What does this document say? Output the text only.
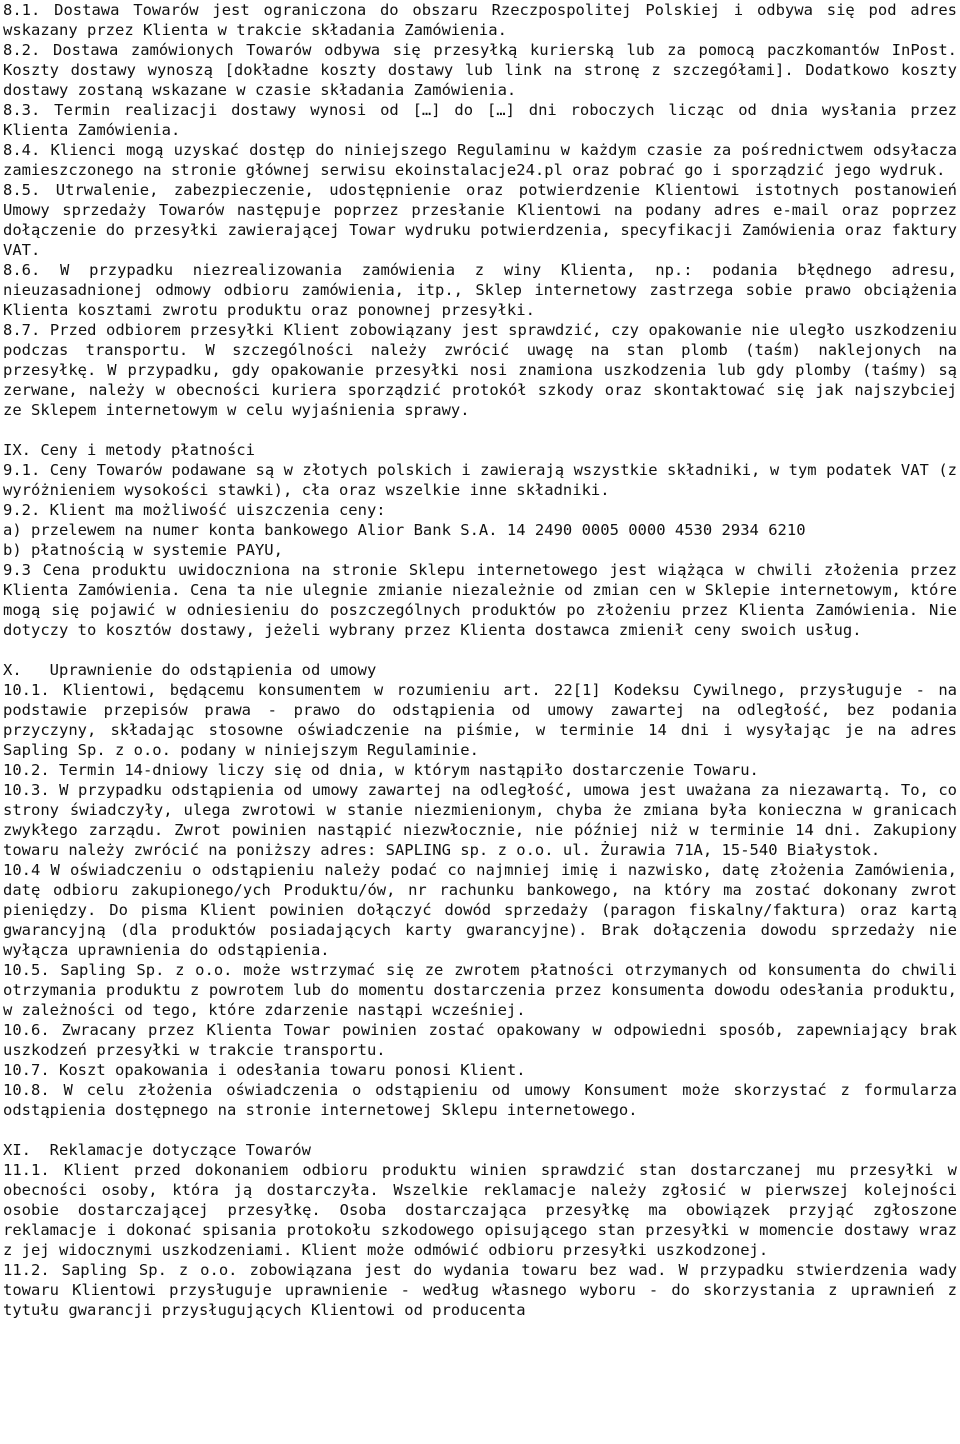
8.1. Dostawa Towarów jest ograniczona do obszaru Rzeczpospolitej Polskiej i odbywa się pod adres wskazany przez Klienta w trakcie składania Zamówienia.

8.2. Dostawa zamówionych Towarów odbywa się przesyłką kurierską lub za pomocą paczkomantów InPost. Koszty dostawy wynoszą [dokładne koszty dostawy lub link na stronę z szczegółami]. Dodatkowo koszty dostawy zostaną wskazane w czasie składania Zamówienia.

8.3. Termin realizacji dostawy wynosi od […] do […] dni roboczych licząc od dnia wysłania przez Klienta Zamówienia.

8.4. Klienci mogą uzyskać dostęp do niniejszego Regulaminu w każdym czasie za pośrednictwem odsyłacza zamieszczonego na stronie głównej serwisu ekoinstalacje24.pl oraz pobrać go i sporządzić jego wydruk.

8.5. Utrwalenie, zabezpieczenie, udostępnienie oraz potwierdzenie Klientowi istotnych postanowień Umowy sprzedaży Towarów następuje poprzez przesłanie Klientowi na podany adres e-mail oraz poprzez dołączenie do przesyłki zawierającej Towar wydruku potwierdzenia, specyfikacji Zamówienia oraz faktury VAT.

8.6. W przypadku niezrealizowania zamówienia z winy Klienta, np.: podania błędnego adresu, nieuzasadnionej odmowy odbioru zamówienia, itp., Sklep internetowy zastrzega sobie prawo obciążenia Klienta kosztami zwrotu produktu oraz ponownej przesyłki.

8.7. Przed odbiorem przesyłki Klient zobowiązany jest sprawdzić, czy opakowanie nie uległo uszkodzeniu podczas transportu. W szczególności należy zwrócić uwagę na stan plomb (taśm) naklejonych na przesyłkę. W przypadku, gdy opakowanie przesyłki nosi znamiona uszkodzenia lub gdy plomby (taśmy) są zerwane, należy w obecności kuriera sporządzić protokół szkody oraz skontaktować się jak najszybciej ze Sklepem internetowym w celu wyjaśnienia sprawy.

IX. Ceny i metody płatności

9.1. Ceny Towarów podawane są w złotych polskich i zawierają wszystkie składniki, w tym podatek VAT (z wyróżnieniem wysokości stawki), cła oraz wszelkie inne składniki.

9.2. Klient ma możliwość uiszczenia ceny:

a) przelewem na numer konta bankowego Alior Bank S.A. 14 2490 0005 0000 4530 2934 6210

b) płatnością w systemie PAYU,

9.3 Cena produktu uwidoczniona na stronie Sklepu internetowego jest wiążąca w chwili złożenia przez Klienta Zamówienia. Cena ta nie ulegnie zmianie niezależnie od zmian cen w Sklepie internetowym, które mogą się pojawić w odniesieniu do poszczególnych produktów po złożeniu przez Klienta Zamówienia. Nie dotyczy to kosztów dostawy, jeżeli wybrany przez Klienta dostawca zmienił ceny swoich usług.

X.   Uprawnienie do odstąpienia od umowy

10.1. Klientowi, będącemu konsumentem w rozumieniu art. 22[1] Kodeksu Cywilnego, przysługuje - na podstawie przepisów prawa - prawo do odstąpienia od umowy zawartej na odległość, bez podania przyczyny, składając stosowne oświadczenie na piśmie, w terminie 14 dni i wysyłając je na adres Sapling Sp. z o.o. podany w niniejszym Regulaminie.

10.2. Termin 14-dniowy liczy się od dnia, w którym nastąpiło dostarczenie Towaru.

10.3. W przypadku odstąpienia od umowy zawartej na odległość, umowa jest uważana za niezawartą. To, co strony świadczyły, ulega zwrotowi w stanie niezmienionym, chyba że zmiana była konieczna w granicach zwykłego zarządu. Zwrot powinien nastąpić niezwłocznie, nie później niż w terminie 14 dni. Zakupiony towaru należy zwrócić na poniższy adres: SAPLING sp. z o.o. ul. Żurawia 71A, 15-540 Białystok.

10.4 W oświadczeniu o odstąpieniu należy podać co najmniej imię i nazwisko, datę złożenia Zamówienia, datę odbioru zakupionego/ych Produktu/ów, nr rachunku bankowego, na który ma zostać dokonany zwrot pieniędzy. Do pisma Klient powinien dołączyć dowód sprzedaży (paragon fiskalny/faktura) oraz kartą gwarancyjną (dla produktów posiadających karty gwarancyjne). Brak dołączenia dowodu sprzedaży nie wyłącza uprawnienia do odstąpienia.

10.5. Sapling Sp. z o.o. może wstrzymać się ze zwrotem płatności otrzymanych od konsumenta do chwili otrzymania produktu z powrotem lub do momentu dostarczenia przez konsumenta dowodu odesłania produktu, w zależności od tego, które zdarzenie nastąpi wcześniej.

10.6. Zwracany przez Klienta Towar powinien zostać opakowany w odpowiedni sposób, zapewniający brak uszkodzeń przesyłki w trakcie transportu.

10.7. Koszt opakowania i odesłania towaru ponosi Klient.

10.8. W celu złożenia oświadczenia o odstąpieniu od umowy Konsument może skorzystać z formularza odstąpienia dostępnego na stronie internetowej Sklepu internetowego.

XI.  Reklamacje dotyczące Towarów

11.1. Klient przed dokonaniem odbioru produktu winien sprawdzić stan dostarczanej mu przesyłki w obecności osoby, która ją dostarczyła. Wszelkie reklamacje należy zgłosić w pierwszej kolejności osobie dostarczającej przesyłkę. Osoba dostarczająca przesyłkę ma obowiązek przyjąć zgłoszone reklamacje i dokonać spisania protokołu szkodowego opisującego stan przesyłki w momencie dostawy wraz z jej widocznymi uszkodzeniami. Klient może odmówić odbioru przesyłki uszkodzonej.

11.2. Sapling Sp. z o.o. zobowiązana jest do wydania towaru bez wad. W przypadku stwierdzenia wady towaru Klientowi przysługuje uprawnienie - według własnego wyboru - do skorzystania z uprawnień z tytułu gwarancji przysługujących Klientowi od producenta
